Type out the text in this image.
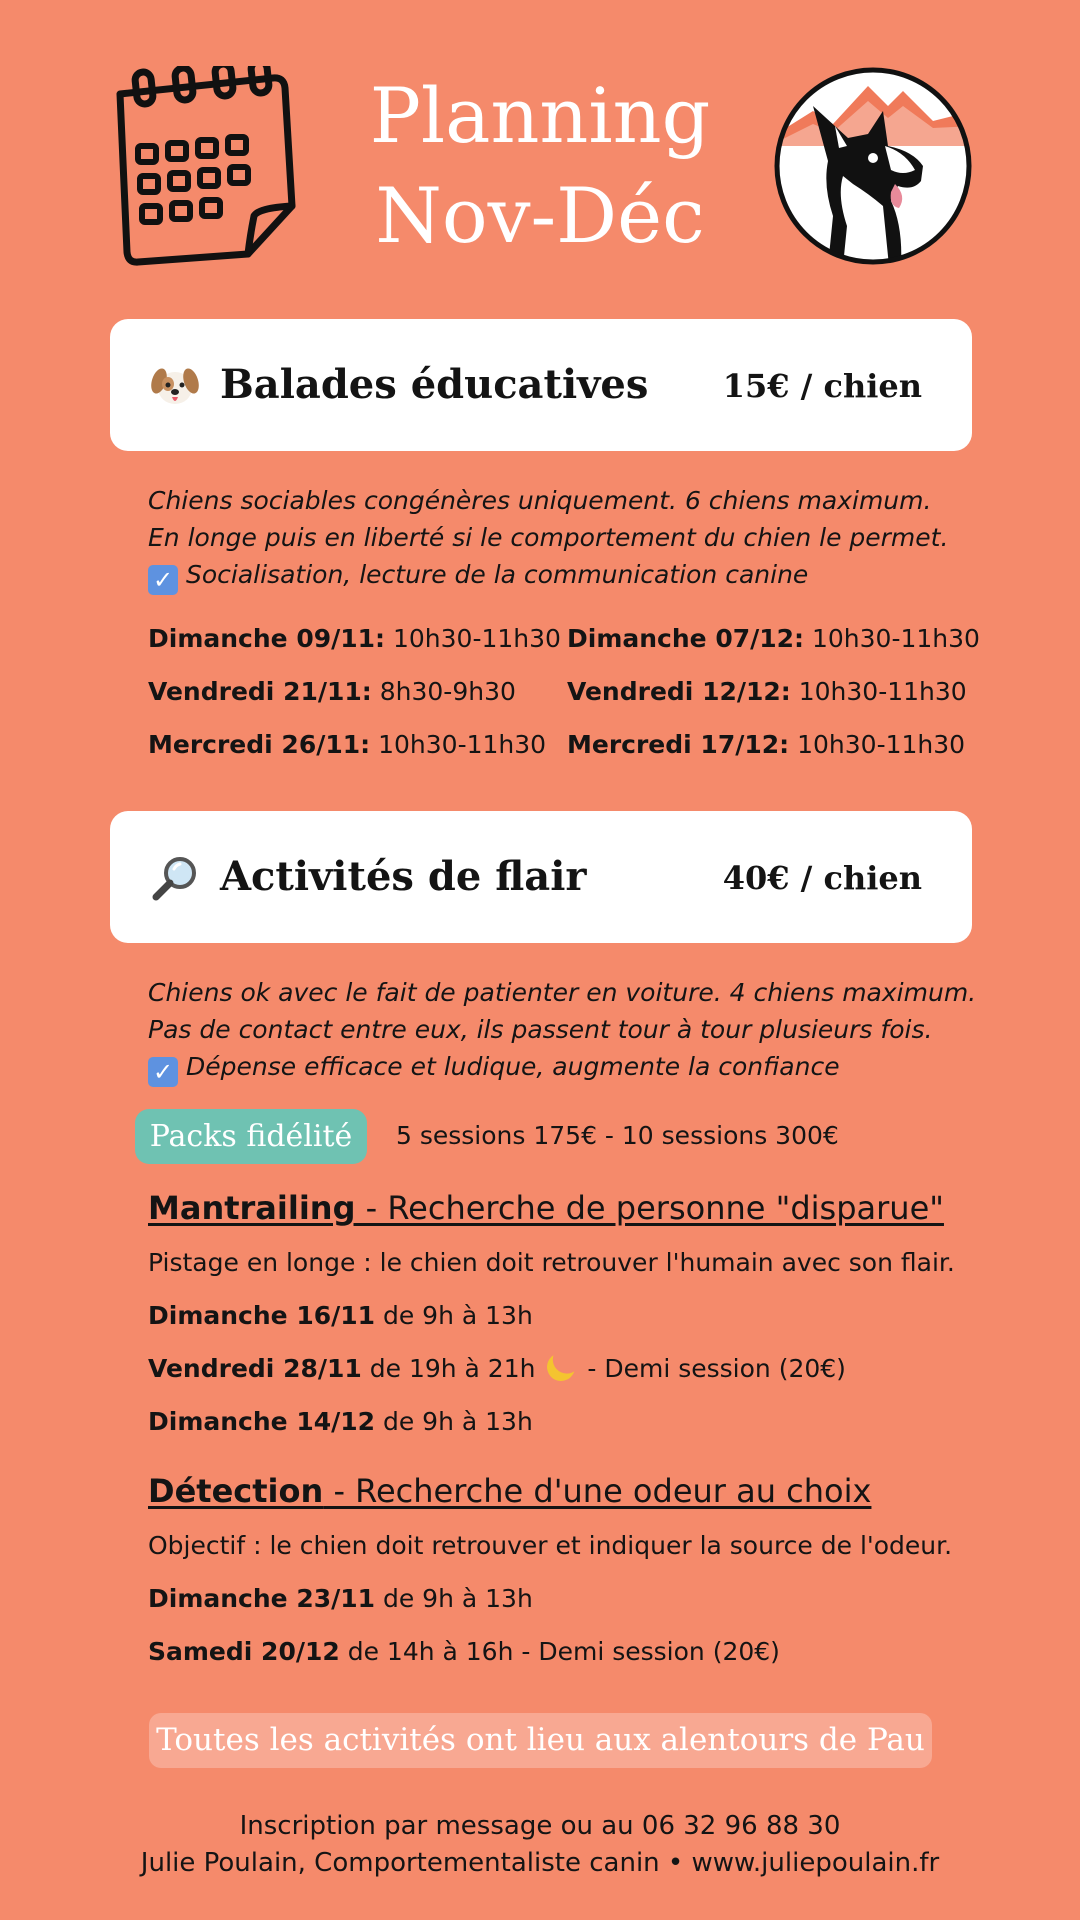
Planning
Nov-Déc
Balades éducatives 15€ / chien
Chiens sociables congénères uniquement. 6 chiens maximum.
En longe puis en liberté si le comportement du chien le permet.
✓ Socialisation, lecture de la communication canine
Dimanche 09/11: 10h30-11h30
Vendredi 21/11: 8h30-9h30
Mercredi 26/11: 10h30-11h30
Dimanche 07/12: 10h30-11h30
Vendredi 12/12: 10h30-11h30
Mercredi 17/12: 10h30-11h30
Activités de flair	40€ / chien
Chiens ok avec le fait de patienter en voiture. 4 chiens maximum.
Pas de contact entre eux, ils passent tour à tour plusieurs fois.
✓ Dépense efficace et ludique, augmente la confiance
Packs fidélité	5 sessions 175€ - 10 sessions 300€
Mantrailing - Recherche de personne "disparue"
Pistage en longe : le chien doit retrouver l'humain avec son flair.
Dimanche 16/11 de 9h à 13h
Vendredi 28/11 de 19h à 21h  - Demi session (20€)
Dimanche 14/12 de 9h à 13h
Détection - Recherche d'une odeur au choix
Objectif : le chien doit retrouver et indiquer la source de l'odeur.
Dimanche 23/11 de 9h à 13h
Samedi 20/12 de 14h à 16h - Demi session (20€)
Toutes les activités ont lieu aux alentours de Pau
Inscription par message ou au 06 32 96 88 30
Julie Poulain, Comportementaliste canin • www.juliepoulain.fr
